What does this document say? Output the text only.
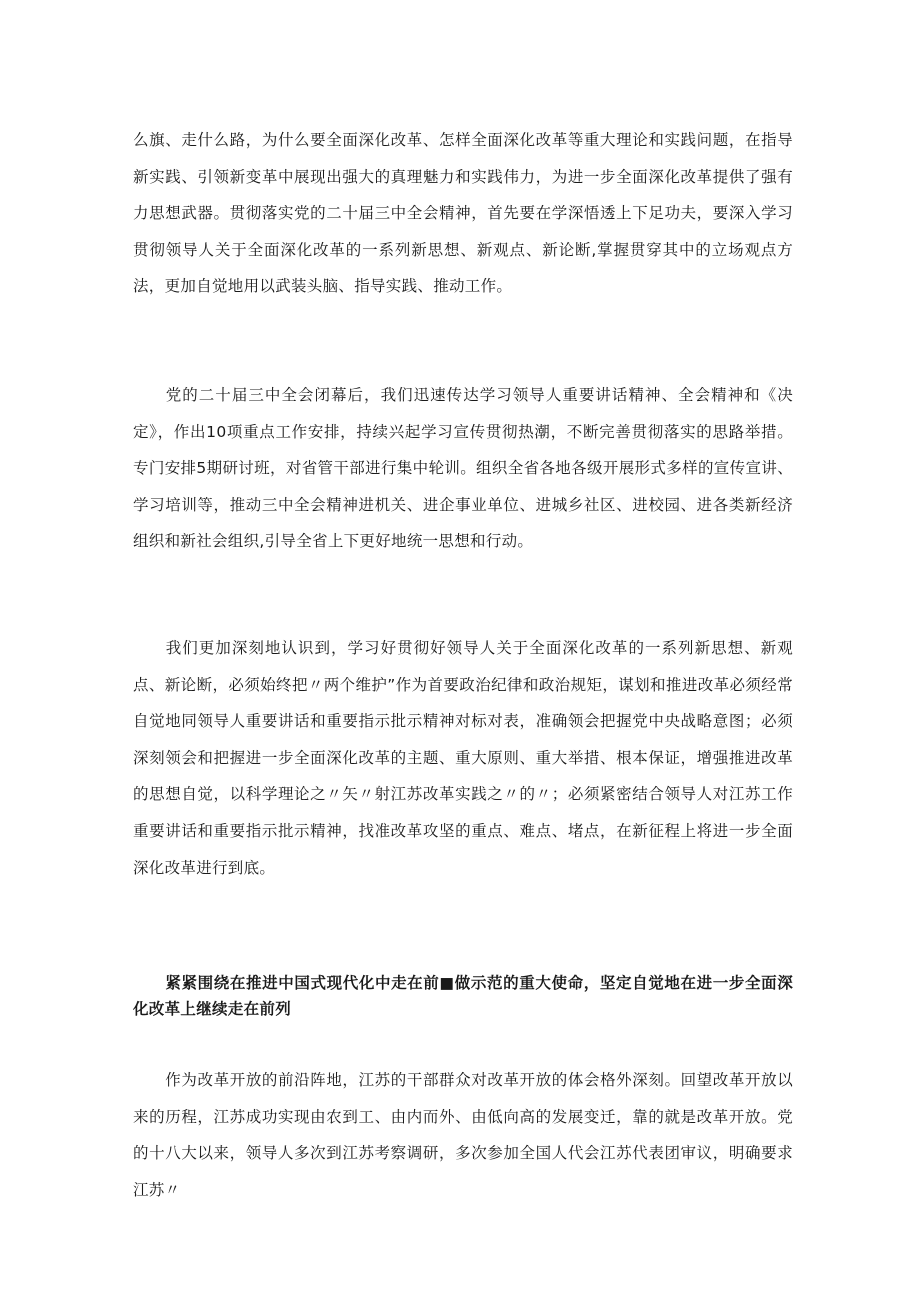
么旗、走什么路，为什么要全面深化改革、怎样全面深化改革等重大理论和实践问题，在指导新实践、引领新变革中展现出强大的真理魅力和实践伟力，为进一步全面深化改革提供了强有力思想武器。贯彻落实党的二十届三中全会精神，首先要在学深悟透上下足功夫，要深入学习贯彻领导人关于全面深化改革的一系列新思想、新观点、新论断,掌握贯穿其中的立场观点方法，更加自觉地用以武装头脑、指导实践、推动工作。

党的二十届三中全会闭幕后，我们迅速传达学习领导人重要讲话精神、全会精神和《决定》，作出10项重点工作安排，持续兴起学习宣传贯彻热潮，不断完善贯彻落实的思路举措。专门安排5期研讨班，对省管干部进行集中轮训。组织全省各地各级开展形式多样的宣传宣讲、学习培训等，推动三中全会精神进机关、进企事业单位、进城乡社区、进校园、进各类新经济组织和新社会组织,引导全省上下更好地统一思想和行动。

我们更加深刻地认识到，学习好贯彻好领导人关于全面深化改革的一系列新思想、新观点、新论断，必须始终把〃两个维护”作为首要政治纪律和政治规矩，谋划和推进改革必须经常自觉地同领导人重要讲话和重要指示批示精神对标对表，准确领会把握党中央战略意图；必须深刻领会和把握进一步全面深化改革的主题、重大原则、重大举措、根本保证，增强推进改革的思想自觉，以科学理论之〃矢〃射江苏改革实践之〃的〃；必须紧密结合领导人对江苏工作重要讲话和重要指示批示精神，找准改革攻坚的重点、难点、堵点，在新征程上将进一步全面深化改革进行到底。

紧紧围绕在推进中国式现代化中走在前■做示范的重大使命，坚定自觉地在进一步全面深化改革上继续走在前列

作为改革开放的前沿阵地，江苏的干部群众对改革开放的体会格外深刻。回望改革开放以来的历程，江苏成功实现由农到工、由内而外、由低向高的发展变迁，靠的就是改革开放。党的十八大以来，领导人多次到江苏考察调研，多次参加全国人代会江苏代表团审议，明确要求江苏〃
